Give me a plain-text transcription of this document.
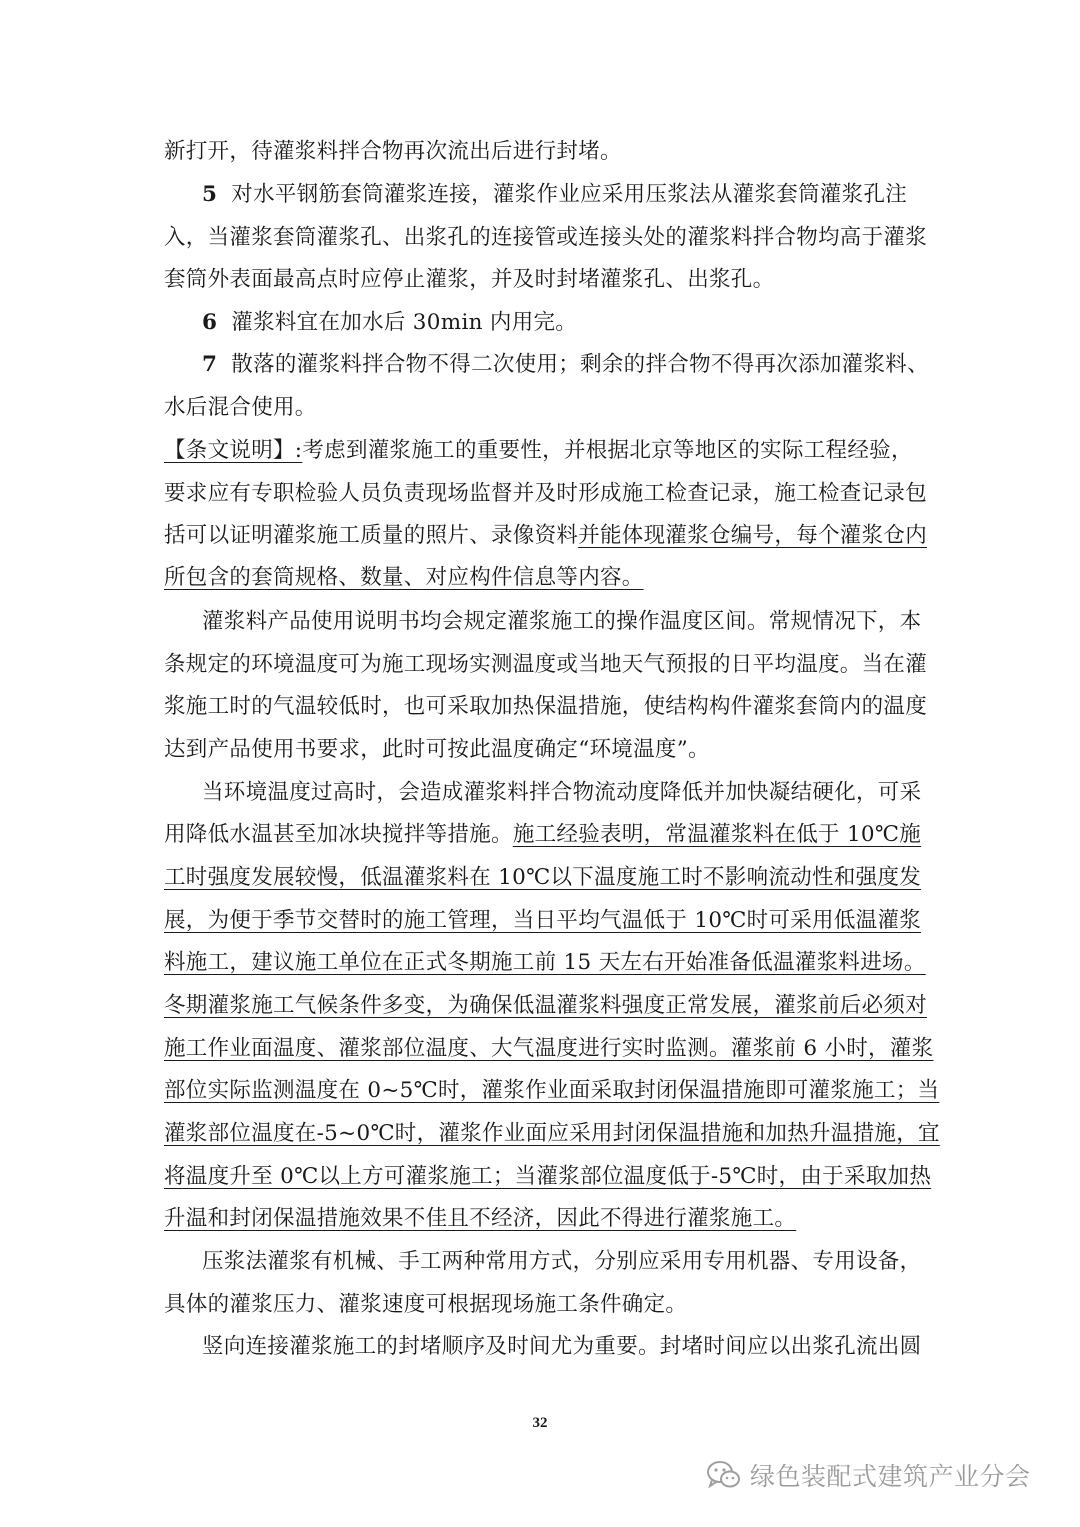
新打开，待灌浆料拌合物再次流出后进行封堵。
5 对水平钢筋套筒灌浆连接，灌浆作业应采用压浆法从灌浆套筒灌浆孔注
入，当灌浆套筒灌浆孔、出浆孔的连接管或连接头处的灌浆料拌合物均高于灌浆
套筒外表面最高点时应停止灌浆，并及时封堵灌浆孔、出浆孔。
6 灌浆料宜在加水后 30min 内用完。
7 散落的灌浆料拌合物不得二次使用；剩余的拌合物不得再次添加灌浆料、
水后混合使用。
【条文说明】:考虑到灌浆施工的重要性，并根据北京等地区的实际工程经验，
要求应有专职检验人员负责现场监督并及时形成施工检查记录，施工检查记录包
括可以证明灌浆施工质量的照片、录像资料并能体现灌浆仓编号，每个灌浆仓内
所包含的套筒规格、数量、对应构件信息等内容。
灌浆料产品使用说明书均会规定灌浆施工的操作温度区间。常规情况下，本
条规定的环境温度可为施工现场实测温度或当地天气预报的日平均温度。当在灌
浆施工时的气温较低时，也可采取加热保温措施，使结构构件灌浆套筒内的温度
达到产品使用书要求，此时可按此温度确定“环境温度”。
当环境温度过高时，会造成灌浆料拌合物流动度降低并加快凝结硬化，可采
用降低水温甚至加冰块搅拌等措施。施工经验表明，常温灌浆料在低于 10℃施
工时强度发展较慢，低温灌浆料在 10℃以下温度施工时不影响流动性和强度发
展，为便于季节交替时的施工管理，当日平均气温低于 10℃时可采用低温灌浆
料施工，建议施工单位在正式冬期施工前 15 天左右开始准备低温灌浆料进场。
冬期灌浆施工气候条件多变，为确保低温灌浆料强度正常发展，灌浆前后必须对
施工作业面温度、灌浆部位温度、大气温度进行实时监测。灌浆前 6 小时，灌浆
部位实际监测温度在 0~5℃时，灌浆作业面采取封闭保温措施即可灌浆施工；当
灌浆部位温度在-5~0℃时，灌浆作业面应采用封闭保温措施和加热升温措施，宜
将温度升至 0℃以上方可灌浆施工；当灌浆部位温度低于-5℃时，由于采取加热
升温和封闭保温措施效果不佳且不经济，因此不得进行灌浆施工。
压浆法灌浆有机械、手工两种常用方式，分别应采用专用机器、专用设备，
具体的灌浆压力、灌浆速度可根据现场施工条件确定。
竖向连接灌浆施工的封堵顺序及时间尤为重要。封堵时间应以出浆孔流出圆
32
绿色装配式建筑产业分会
